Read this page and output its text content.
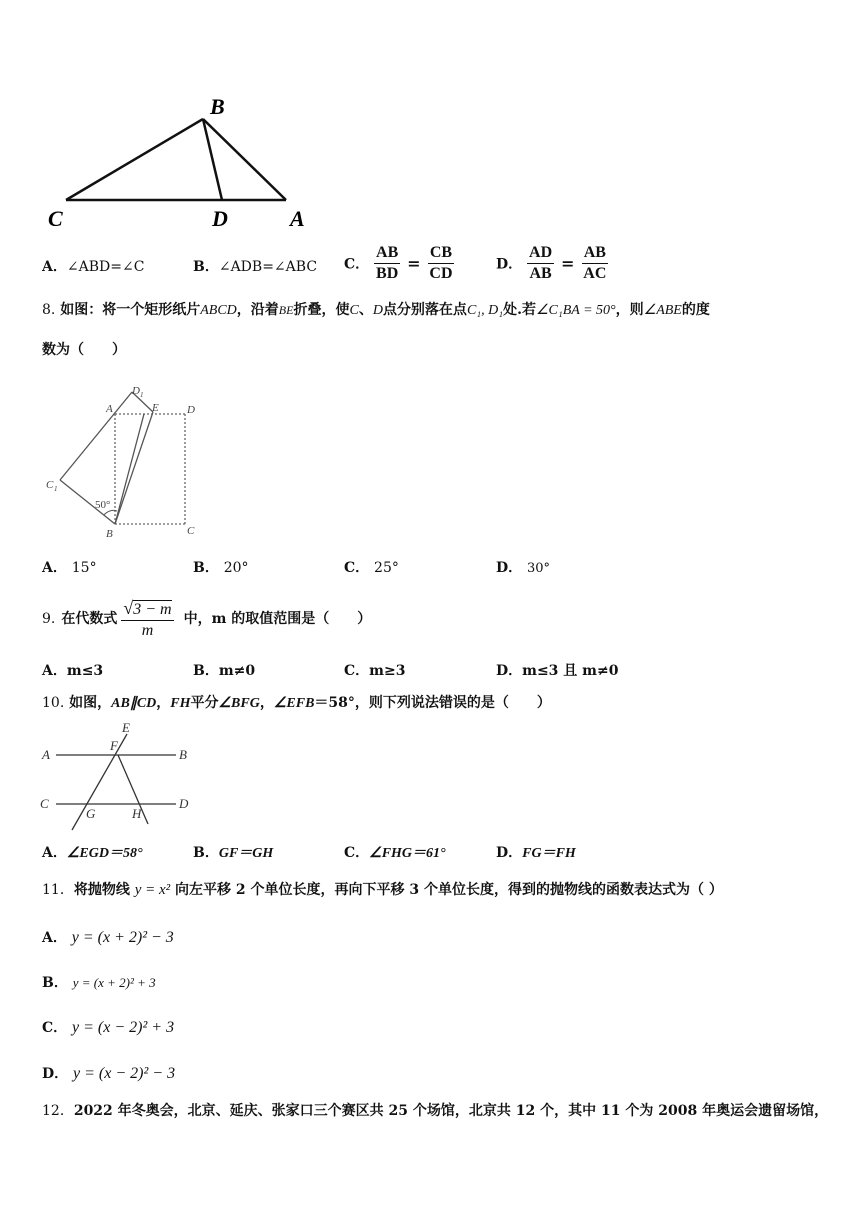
B
C	D	A
A．∠ABD=∠C	B．∠ADB=∠ABC C． $\frac{AB}{BD} = \frac{CB}{CD}$	D． $\frac{AD}{AB} = \frac{AB}{AC}$
8. 如图：将一个矩形纸片ABCD，沿着BE折叠，使C、D点分别落在点C₁, D₁处.若∠C₁BA = 50°，则∠ABE的度
数为（　　）
D 1
A	E	D
C 1
50°
B	C
A． 15°	B． 20°	C． 25°	D． 30°
9. 在代数式 $\frac{√3 - m}{m}$ 中，m 的取值范围是（　　）
A．m≤3	B．m≠0	C．m≥3	D．m≤3 且 m≠0
10. 如图，AB∥CD，FH平分∠BFG，∠EFB＝58°，则下列说法错误的是（　　）
E
F
A	B
C	D
G	H
A．∠EGD＝58°	B．GF＝GH	C．∠FHG＝61°	D．FG＝FH
11．将抛物线 y = x² 向左平移 2 个单位长度，再向下平移 3 个单位长度，得到的抛物线的函数表达式为（ ）
A． y = (x + 2)² − 3
B． y = (x + 2)² + 3
C． y = (x − 2)² + 3
D． y = (x − 2)² − 3
12．2022 年冬奥会，北京、延庆、张家口三个赛区共 25 个场馆，北京共 12 个，其中 11 个为 2008 年奥运会遗留场馆，
